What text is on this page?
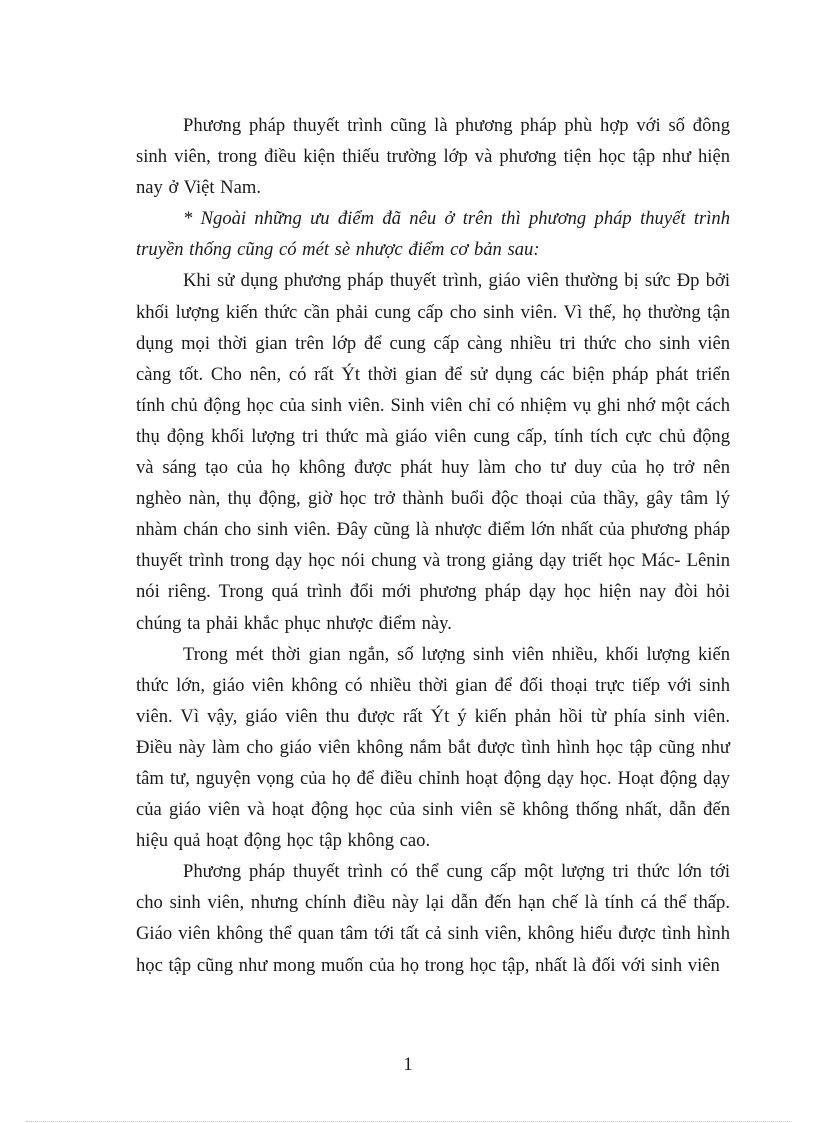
Phương pháp thuyết trình cũng là phương pháp phù hợp với số đông sinh viên, trong điều kiện thiếu trường lớp và phương tiện học tập như hiện nay ở Việt Nam.

* Ngoài những ưu điểm đã nêu ở trên thì phương pháp thuyết trình truyền thống cũng có mét sè nhược điểm cơ bản sau:

Khi sử dụng phương pháp thuyết trình, giáo viên thường bị sức Ðp bởi khối lượng kiến thức cần phải cung cấp cho sinh viên. Vì thế, họ thường tận dụng mọi thời gian trên lớp để cung cấp càng nhiều tri thức cho sinh viên càng tốt. Cho nên, có rất Ýt thời gian để sử dụng các biện pháp phát triển tính chủ động học của sinh viên. Sinh viên chỉ có nhiệm vụ ghi nhớ một cách thụ động khối lượng tri thức mà giáo viên cung cấp, tính tích cực chủ động và sáng tạo của họ không được phát huy làm cho tư duy của họ trở nên nghèo nàn, thụ động, giờ học trở thành buổi độc thoại của thầy, gây tâm lý nhàm chán cho sinh viên. Đây cũng là nhược điểm lớn nhất của phương pháp thuyết trình trong dạy học nói chung và trong giảng dạy triết học Mác- Lênin nói riêng. Trong quá trình đổi mới phương pháp dạy học hiện nay đòi hỏi chúng ta phải khắc phục nhược điểm này.

Trong mét thời gian ngắn, số lượng sinh viên nhiều, khối lượng kiến thức lớn, giáo viên không có nhiều thời gian để đối thoại trực tiếp với sinh viên. Vì vậy, giáo viên thu được rất Ýt ý kiến phản hồi từ phía sinh viên. Điều này làm cho giáo viên không nắm bắt được tình hình học tập cũng như tâm tư, nguyện vọng của họ để điều chỉnh hoạt động dạy học. Hoạt động dạy của giáo viên và hoạt động học của sinh viên sẽ không thống nhất, dẫn đến hiệu quả hoạt động học tập không cao.

Phương pháp thuyết trình có thể cung cấp một lượng tri thức lớn tới cho sinh viên, nhưng chính điều này lại dẫn đến hạn chế là tính cá thể thấp. Giáo viên không thể quan tâm tới tất cả sinh viên, không hiểu được tình hình học tập cũng như mong muốn của họ trong học tập, nhất là đối với sinh viên

1
